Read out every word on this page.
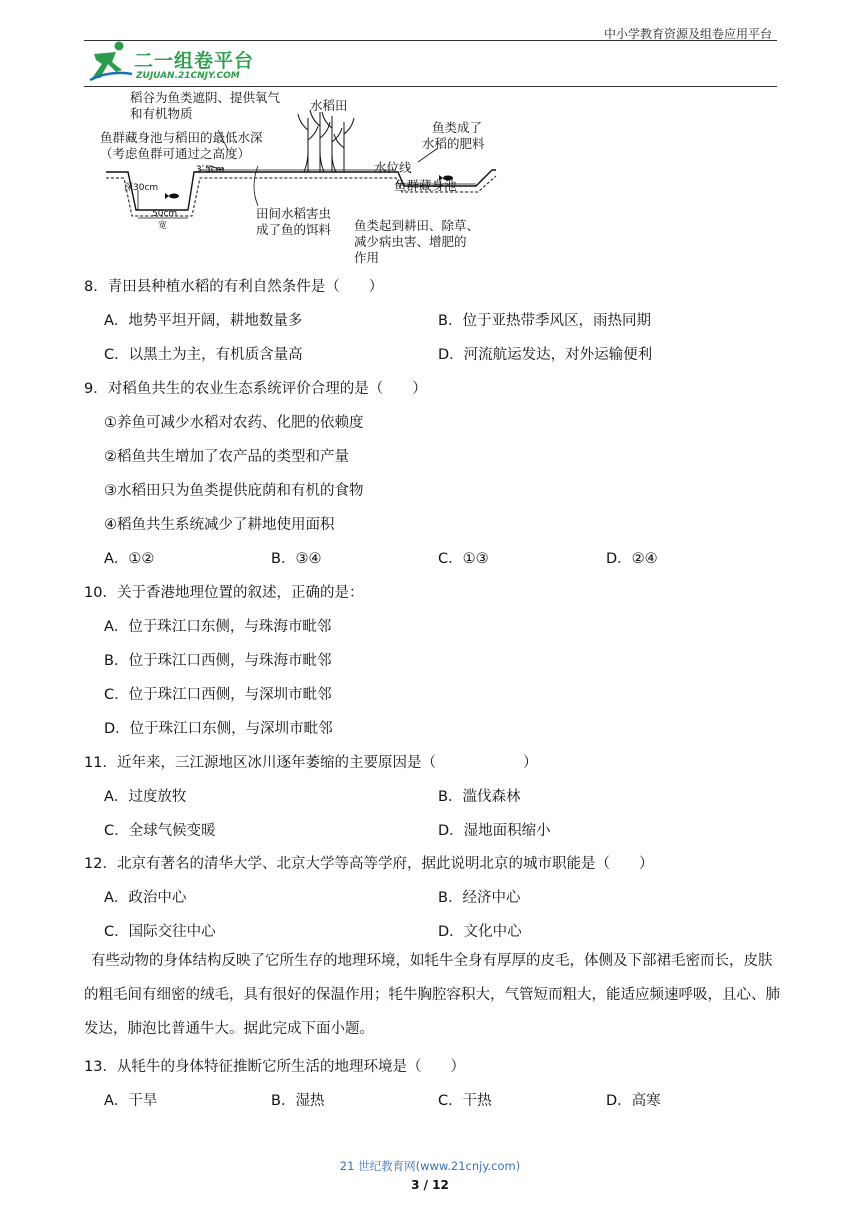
中小学教育资源及组卷应用平台
二一组卷平台
ZUJUAN.21CNJY.COM
稻谷为鱼类遮阴、提供氧气
和有机物质
水稻田
鱼类成了
水稻的肥料
鱼群藏身池与稻田的最低水深
（考虑鱼群可通过之高度）
3-5cm	水位线
鱼群藏身池
深30cm
50cm
宽
田间水稻害虫
成了鱼的饵料 鱼类起到耕田、除草、
减少病虫害、增肥的
作用
8．青田县种植水稻的有利自然条件是（　　）
A．地势平坦开阔，耕地数量多	B．位于亚热带季风区，雨热同期
C．以黑土为主，有机质含量高	D．河流航运发达，对外运输便利
9．对稻鱼共生的农业生态系统评价合理的是（　　）
①养鱼可减少水稻对农药、化肥的依赖度
②稻鱼共生增加了农产品的类型和产量
③水稻田只为鱼类提供庇荫和有机的食物
④稻鱼共生系统减少了耕地使用面积
A．①②	B．③④	C．①③	D．②④
10．关于香港地理位置的叙述，正确的是：
A．位于珠江口东侧，与珠海市毗邻
B．位于珠江口西侧，与珠海市毗邻
C．位于珠江口西侧，与深圳市毗邻
D．位于珠江口东侧，与深圳市毗邻
11．近年来，三江源地区冰川逐年萎缩的主要原因是（　　　　　　）
A．过度放牧	B．滥伐森林
C．全球气候变暖	D．湿地面积缩小
12．北京有著名的清华大学、北京大学等高等学府，据此说明北京的城市职能是（　　）
A．政治中心	B．经济中心
C．国际交往中心	D．文化中心
有些动物的身体结构反映了它所生存的地理环境，如牦牛全身有厚厚的皮毛，体侧及下部裙毛密而长，皮肤的粗毛间有细密的绒毛，具有很好的保温作用；牦牛胸腔容积大，气管短而粗大，能适应频速呼吸，且心、肺发达，肺泡比普通牛大。据此完成下面小题。
13．从牦牛的身体特征推断它所生活的地理环境是（　　）
A．干旱	B．湿热	C．干热	D．高寒
21 世纪教育网(www.21cnjy.com)
3 / 12
